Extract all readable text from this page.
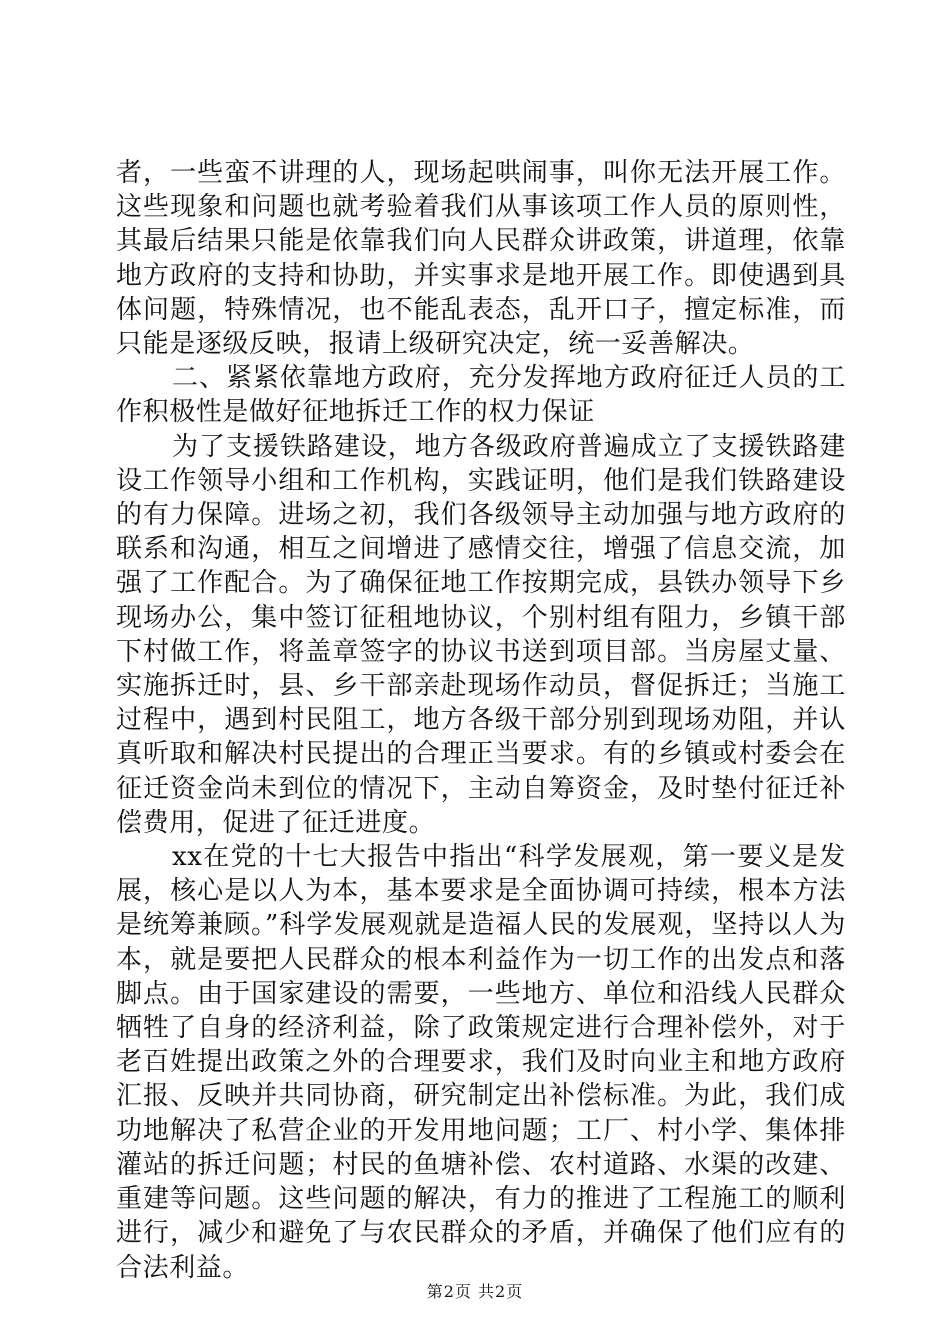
者，一些蛮不讲理的人，现场起哄闹事，叫你无法开展工作。这些现象和问题也就考验着我们从事该项工作人员的原则性，其最后结果只能是依靠我们向人民群众讲政策，讲道理，依靠地方政府的支持和协助，并实事求是地开展工作。即使遇到具体问题，特殊情况，也不能乱表态，乱开口子，擅定标准，而只能是逐级反映，报请上级研究决定，统一妥善解决。

二、紧紧依靠地方政府，充分发挥地方政府征迁人员的工作积极性是做好征地拆迁工作的权力保证

为了支援铁路建设，地方各级政府普遍成立了支援铁路建设工作领导小组和工作机构，实践证明，他们是我们铁路建设的有力保障。进场之初，我们各级领导主动加强与地方政府的联系和沟通，相互之间增进了感情交往，增强了信息交流，加强了工作配合。为了确保征地工作按期完成，县铁办领导下乡现场办公，集中签订征租地协议，个别村组有阻力，乡镇干部下村做工作，将盖章签字的协议书送到项目部。当房屋丈量、实施拆迁时，县、乡干部亲赴现场作动员，督促拆迁；当施工过程中，遇到村民阻工，地方各级干部分别到现场劝阻，并认真听取和解决村民提出的合理正当要求。有的乡镇或村委会在征迁资金尚未到位的情况下，主动自筹资金，及时垫付征迁补偿费用，促进了征迁进度。

xx在党的十七大报告中指出“科学发展观，第一要义是发展，核心是以人为本，基本要求是全面协调可持续，根本方法是统筹兼顾。”科学发展观就是造福人民的发展观，坚持以人为本，就是要把人民群众的根本利益作为一切工作的出发点和落脚点。由于国家建设的需要，一些地方、单位和沿线人民群众牺牲了自身的经济利益，除了政策规定进行合理补偿外，对于老百姓提出政策之外的合理要求，我们及时向业主和地方政府汇报、反映并共同协商，研究制定出补偿标准。为此，我们成功地解决了私营企业的开发用地问题；工厂、村小学、集体排灌站的拆迁问题；村民的鱼塘补偿、农村道路、水渠的改建、重建等问题。这些问题的解决，有力的推进了工程施工的顺利进行，减少和避免了与农民群众的矛盾，并确保了他们应有的合法利益。

第2页 共2页
